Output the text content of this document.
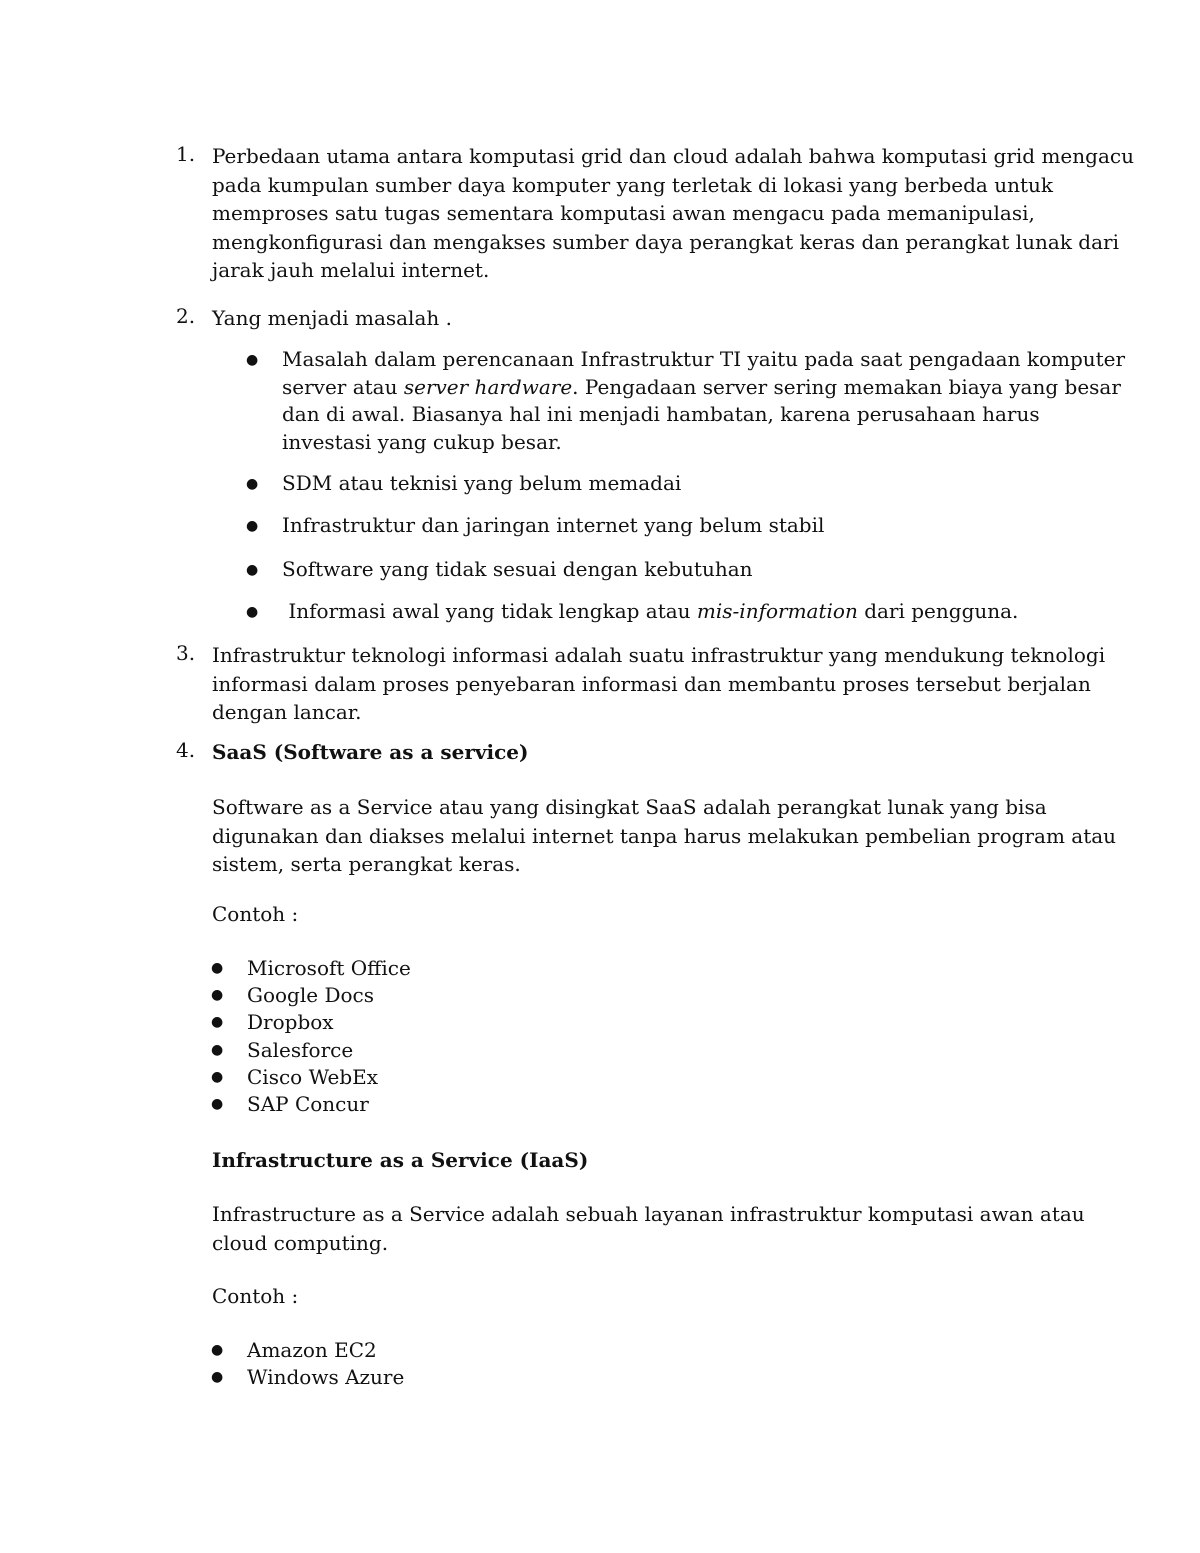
1. Perbedaan utama antara komputasi grid dan cloud adalah bahwa komputasi grid mengacu
pada kumpulan sumber daya komputer yang terletak di lokasi yang berbeda untuk
memproses satu tugas sementara komputasi awan mengacu pada memanipulasi,
mengkonfigurasi dan mengakses sumber daya perangkat keras dan perangkat lunak dari
jarak jauh melalui internet.
2. Yang menjadi masalah .
● Masalah dalam perencanaan Infrastruktur TI yaitu pada saat pengadaan komputer
server atau server hardware. Pengadaan server sering memakan biaya yang besar
dan di awal. Biasanya hal ini menjadi hambatan, karena perusahaan harus
investasi yang cukup besar.
● SDM atau teknisi yang belum memadai
● Infrastruktur dan jaringan internet yang belum stabil
● Software yang tidak sesuai dengan kebutuhan
● Informasi awal yang tidak lengkap atau mis-information dari pengguna.
3. Infrastruktur teknologi informasi adalah suatu infrastruktur yang mendukung teknologi
informasi dalam proses penyebaran informasi dan membantu proses tersebut berjalan
dengan lancar.
4. SaaS (Software as a service)
Software as a Service atau yang disingkat SaaS adalah perangkat lunak yang bisa
digunakan dan diakses melalui internet tanpa harus melakukan pembelian program atau
sistem, serta perangkat keras.
Contoh :
●
●
●
●
●
●
Microsoft Office
Google Docs
Dropbox
Salesforce
Cisco WebEx
SAP Concur
Infrastructure as a Service (IaaS)
Infrastructure as a Service adalah sebuah layanan infrastruktur komputasi awan atau
cloud computing.
Contoh :
●
●
Amazon EC2
Windows Azure
